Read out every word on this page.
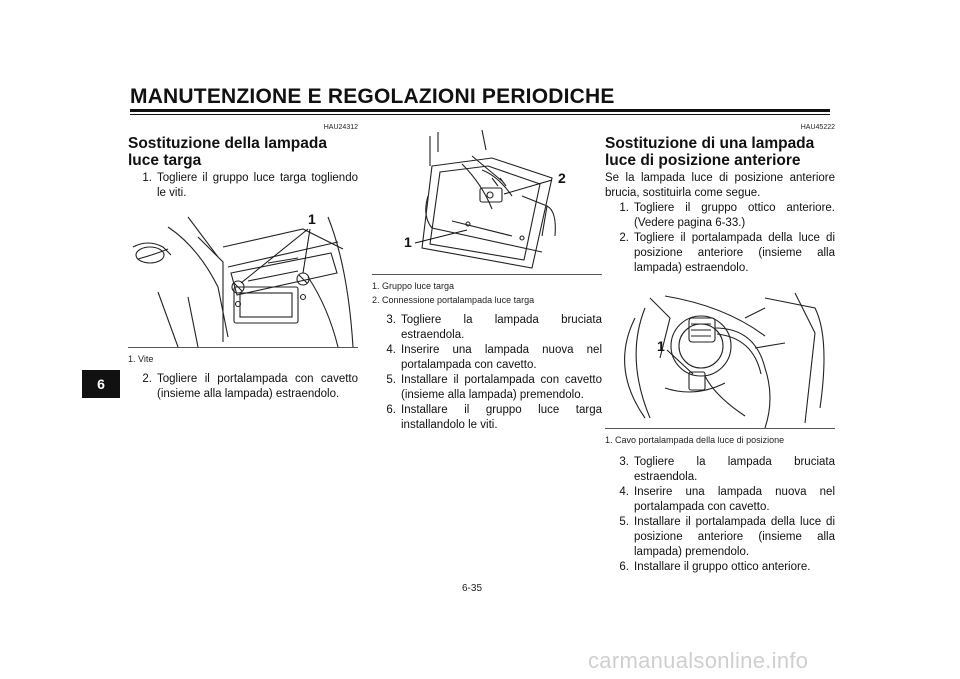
MANUTENZIONE E REGOLAZIONI PERIODICHE
6
HAU24312
Sostituzione della lampada luce targa
1. Togliere il gruppo luce targa togliendo le viti.
1

1. Vite

2. Togliere il portalampada con cavetto (insieme alla lampada) estraendolo.
2
1

1. Gruppo luce targa

2. Connessione portalampada luce targa

3. Togliere la lampada bruciata estraendola.
4. Inserire una lampada nuova nel portalampada con cavetto.
5. Installare il portalampada con cavetto (insieme alla lampada) premendolo.
6. Installare il gruppo luce targa installandolo le viti.
HAU45222
Sostituzione di una lampada luce di posizione anteriore

Se la lampada luce di posizione anteriore brucia, sostituirla come segue.

1. Togliere il gruppo ottico anteriore. (Vedere pagina 6-33.)
2. Togliere il portalampada della luce di posizione anteriore (insieme alla lampada) estraendolo.
1

1. Cavo portalampada della luce di posizione

3. Togliere la lampada bruciata estraendola.
4. Inserire una lampada nuova nel portalampada con cavetto.
5. Installare il portalampada della luce di posizione anteriore (insieme alla lampada) premendolo.
6. Installare il gruppo ottico anteriore.
6-35
carmanualsonline.info
